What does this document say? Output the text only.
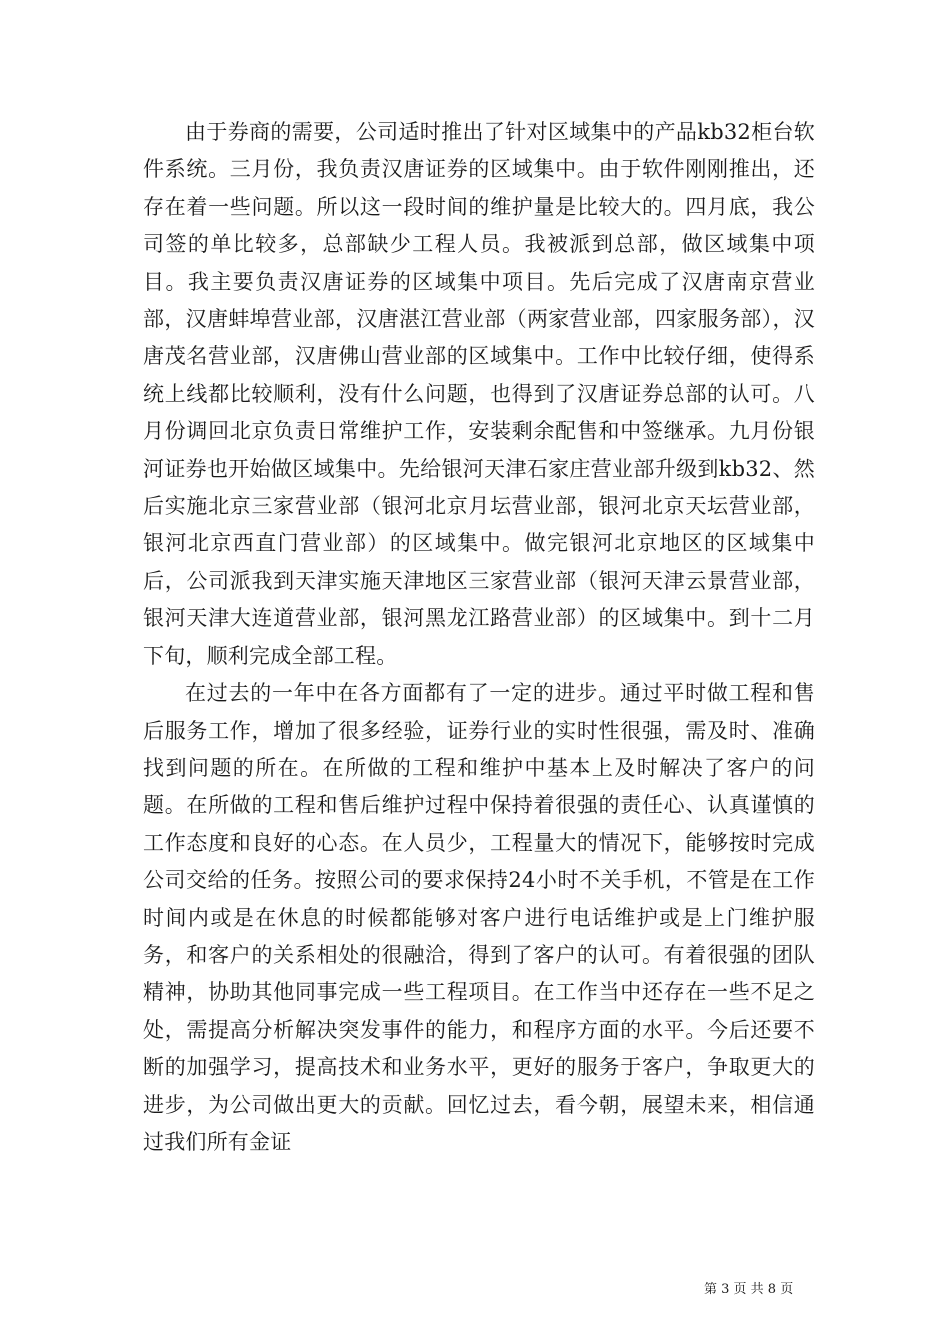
由于券商的需要，公司适时推出了针对区域集中的产品kb32柜台软件系统。三月份，我负责汉唐证券的区域集中。由于软件刚刚推出，还存在着一些问题。所以这一段时间的维护量是比较大的。四月底，我公司签的单比较多，总部缺少工程人员。我被派到总部，做区域集中项目。我主要负责汉唐证券的区域集中项目。先后完成了汉唐南京营业部，汉唐蚌埠营业部，汉唐湛江营业部（两家营业部，四家服务部），汉唐茂名营业部，汉唐佛山营业部的区域集中。工作中比较仔细，使得系统上线都比较顺利，没有什么问题，也得到了汉唐证券总部的认可。八月份调回北京负责日常维护工作，安装剩余配售和中签继承。九月份银河证券也开始做区域集中。先给银河天津石家庄营业部升级到kb32、然后实施北京三家营业部（银河北京月坛营业部，银河北京天坛营业部，银河北京西直门营业部）的区域集中。做完银河北京地区的区域集中后，公司派我到天津实施天津地区三家营业部（银河天津云景营业部，银河天津大连道营业部，银河黑龙江路营业部）的区域集中。到十二月下旬，顺利完成全部工程。

在过去的一年中在各方面都有了一定的进步。通过平时做工程和售后服务工作，增加了很多经验，证券行业的实时性很强，需及时、准确找到问题的所在。在所做的工程和维护中基本上及时解决了客户的问题。在所做的工程和售后维护过程中保持着很强的责任心、认真谨慎的工作态度和良好的心态。在人员少，工程量大的情况下，能够按时完成公司交给的任务。按照公司的要求保持24小时不关手机，不管是在工作时间内或是在休息的时候都能够对客户进行电话维护或是上门维护服务，和客户的关系相处的很融洽，得到了客户的认可。有着很强的团队精神，协助其他同事完成一些工程项目。在工作当中还存在一些不足之处，需提高分析解决突发事件的能力，和程序方面的水平。今后还要不断的加强学习，提高技术和业务水平，更好的服务于客户，争取更大的进步，为公司做出更大的贡献。回忆过去，看今朝，展望未来，相信通过我们所有金证

第 3 页 共 8 页
